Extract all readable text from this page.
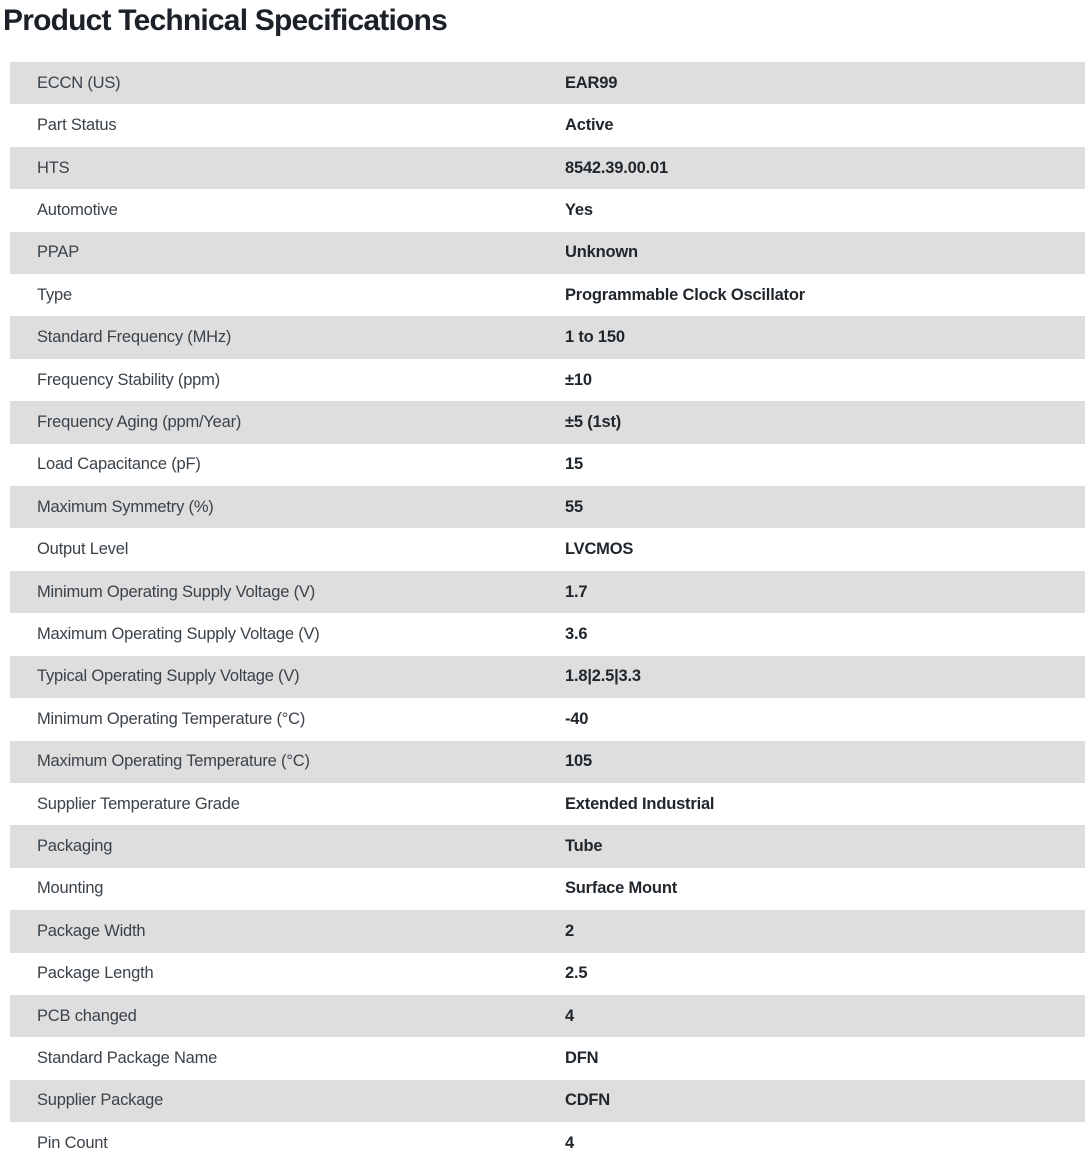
Product Technical Specifications
ECCN (US)	EAR99
Part Status	Active
HTS	8542.39.00.01
Automotive	Yes
PPAP	Unknown
Type	Programmable Clock Oscillator
Standard Frequency (MHz)	1 to 150
Frequency Stability (ppm)	±10
Frequency Aging (ppm/Year)	±5 (1st)
Load Capacitance (pF)	15
Maximum Symmetry (%)	55
Output Level	LVCMOS
Minimum Operating Supply Voltage (V)	1.7
Maximum Operating Supply Voltage (V)	3.6
Typical Operating Supply Voltage (V)	1.8|2.5|3.3
Minimum Operating Temperature (°C)	-40
Maximum Operating Temperature (°C)	105
Supplier Temperature Grade	Extended Industrial
Packaging	Tube
Mounting	Surface Mount
Package Width	2
Package Length	2.5
PCB changed	4
Standard Package Name	DFN
Supplier Package	CDFN
Pin Count	4
